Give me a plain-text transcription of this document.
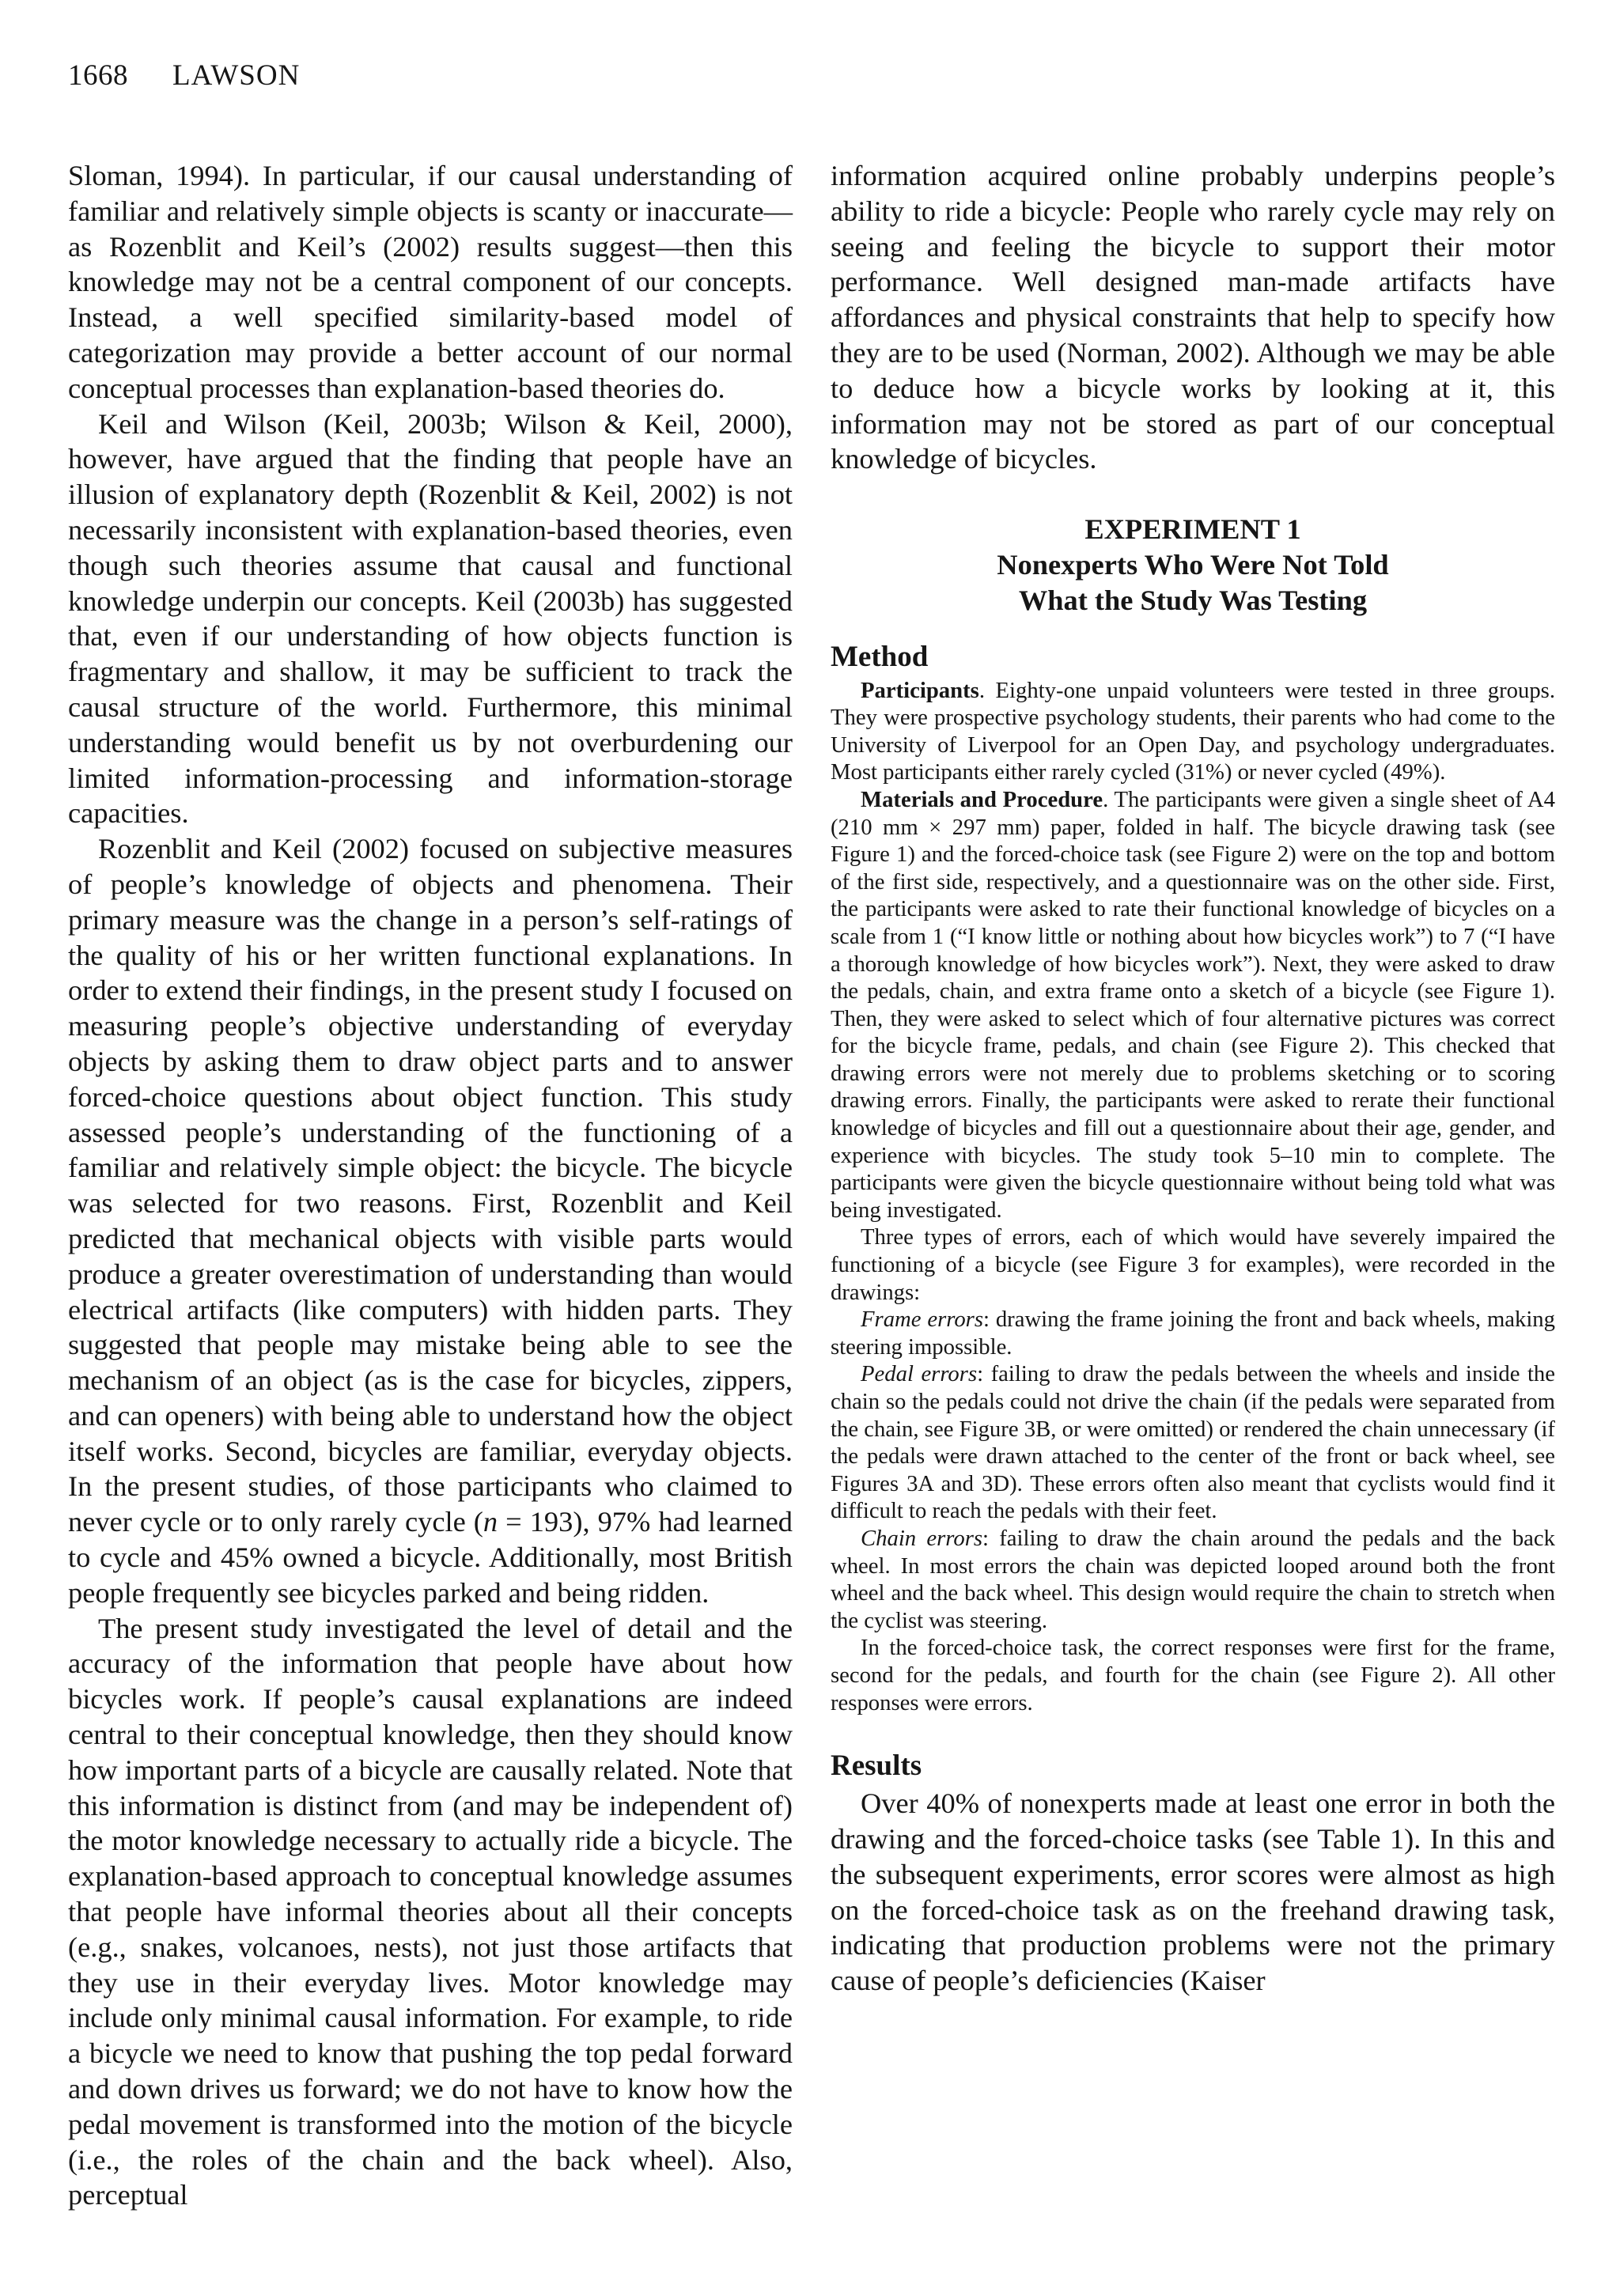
1668 LAWSON

Sloman, 1994). In particular, if our causal understanding of familiar and relatively simple objects is scanty or inaccurate—as Rozenblit and Keil’s (2002) results suggest—then this knowledge may not be a central component of our concepts. Instead, a well specified similarity-based model of categorization may provide a better account of our normal conceptual processes than explanation-based theories do.

Keil and Wilson (Keil, 2003b; Wilson & Keil, 2000), however, have argued that the finding that people have an illusion of explanatory depth (Rozenblit & Keil, 2002) is not necessarily inconsistent with explanation-based theories, even though such theories assume that causal and functional knowledge underpin our concepts. Keil (2003b) has suggested that, even if our understanding of how objects function is fragmentary and shallow, it may be sufficient to track the causal structure of the world. Furthermore, this minimal understanding would benefit us by not overburdening our limited information-processing and information-storage capacities.

Rozenblit and Keil (2002) focused on subjective measures of people’s knowledge of objects and phenomena. Their primary measure was the change in a person’s self-ratings of the quality of his or her written functional explanations. In order to extend their findings, in the present study I focused on measuring people’s objective understanding of everyday objects by asking them to draw object parts and to answer forced-choice questions about object function. This study assessed people’s understanding of the functioning of a familiar and relatively simple object: the bicycle. The bicycle was selected for two reasons. First, Rozenblit and Keil predicted that mechanical objects with visible parts would produce a greater overestimation of understanding than would electrical artifacts (like computers) with hidden parts. They suggested that people may mistake being able to see the mechanism of an object (as is the case for bicycles, zippers, and can openers) with being able to understand how the object itself works. Second, bicycles are familiar, everyday objects. In the present studies, of those participants who claimed to never cycle or to only rarely cycle (n = 193), 97% had learned to cycle and 45% owned a bicycle. Additionally, most British people frequently see bicycles parked and being ridden.

The present study investigated the level of detail and the accuracy of the information that people have about how bicycles work. If people’s causal explanations are indeed central to their conceptual knowledge, then they should know how important parts of a bicycle are causally related. Note that this information is distinct from (and may be independent of) the motor knowledge necessary to actually ride a bicycle. The explanation-based approach to conceptual knowledge assumes that people have informal theories about all their concepts (e.g., snakes, volcanoes, nests), not just those artifacts that they use in their everyday lives. Motor knowledge may include only minimal causal information. For example, to ride a bicycle we need to know that pushing the top pedal forward and down drives us forward; we do not have to know how the pedal movement is transformed into the motion of the bicycle (i.e., the roles of the chain and the back wheel). Also, perceptual

information acquired online probably underpins people’s ability to ride a bicycle: People who rarely cycle may rely on seeing and feeling the bicycle to support their motor performance. Well designed man-made artifacts have affordances and physical constraints that help to specify how they are to be used (Norman, 2002). Although we may be able to deduce how a bicycle works by looking at it, this information may not be stored as part of our conceptual knowledge of bicycles.

EXPERIMENT 1
Nonexperts Who Were Not Told
What the Study Was Testing
Method

Participants. Eighty-one unpaid volunteers were tested in three groups. They were prospective psychology students, their parents who had come to the University of Liverpool for an Open Day, and psychology undergraduates. Most participants either rarely cycled (31%) or never cycled (49%).

Materials and Procedure. The participants were given a single sheet of A4 (210 mm × 297 mm) paper, folded in half. The bicycle drawing task (see Figure 1) and the forced-choice task (see Figure 2) were on the top and bottom of the first side, respectively, and a questionnaire was on the other side. First, the participants were asked to rate their functional knowledge of bicycles on a scale from 1 (“I know little or nothing about how bicycles work”) to 7 (“I have a thorough knowledge of how bicycles work”). Next, they were asked to draw the pedals, chain, and extra frame onto a sketch of a bicycle (see Figure 1). Then, they were asked to select which of four alternative pictures was correct for the bicycle frame, pedals, and chain (see Figure 2). This checked that drawing errors were not merely due to problems sketching or to scoring drawing errors. Finally, the participants were asked to rerate their functional knowledge of bicycles and fill out a questionnaire about their age, gender, and experience with bicycles. The study took 5–10 min to complete. The participants were given the bicycle questionnaire without being told what was being investigated.

Three types of errors, each of which would have severely impaired the functioning of a bicycle (see Figure 3 for examples), were recorded in the drawings:

Frame errors: drawing the frame joining the front and back wheels, making steering impossible.

Pedal errors: failing to draw the pedals between the wheels and inside the chain so the pedals could not drive the chain (if the pedals were separated from the chain, see Figure 3B, or were omitted) or rendered the chain unnecessary (if the pedals were drawn attached to the center of the front or back wheel, see Figures 3A and 3D). These errors often also meant that cyclists would find it difficult to reach the pedals with their feet.

Chain errors: failing to draw the chain around the pedals and the back wheel. In most errors the chain was depicted looped around both the front wheel and the back wheel. This design would require the chain to stretch when the cyclist was steering.

In the forced-choice task, the correct responses were first for the frame, second for the pedals, and fourth for the chain (see Figure 2). All other responses were errors.

Results

Over 40% of nonexperts made at least one error in both the drawing and the forced-choice tasks (see Table 1). In this and the subsequent experiments, error scores were almost as high on the forced-choice task as on the freehand drawing task, indicating that production problems were not the primary cause of people’s deficiencies (Kaiser
